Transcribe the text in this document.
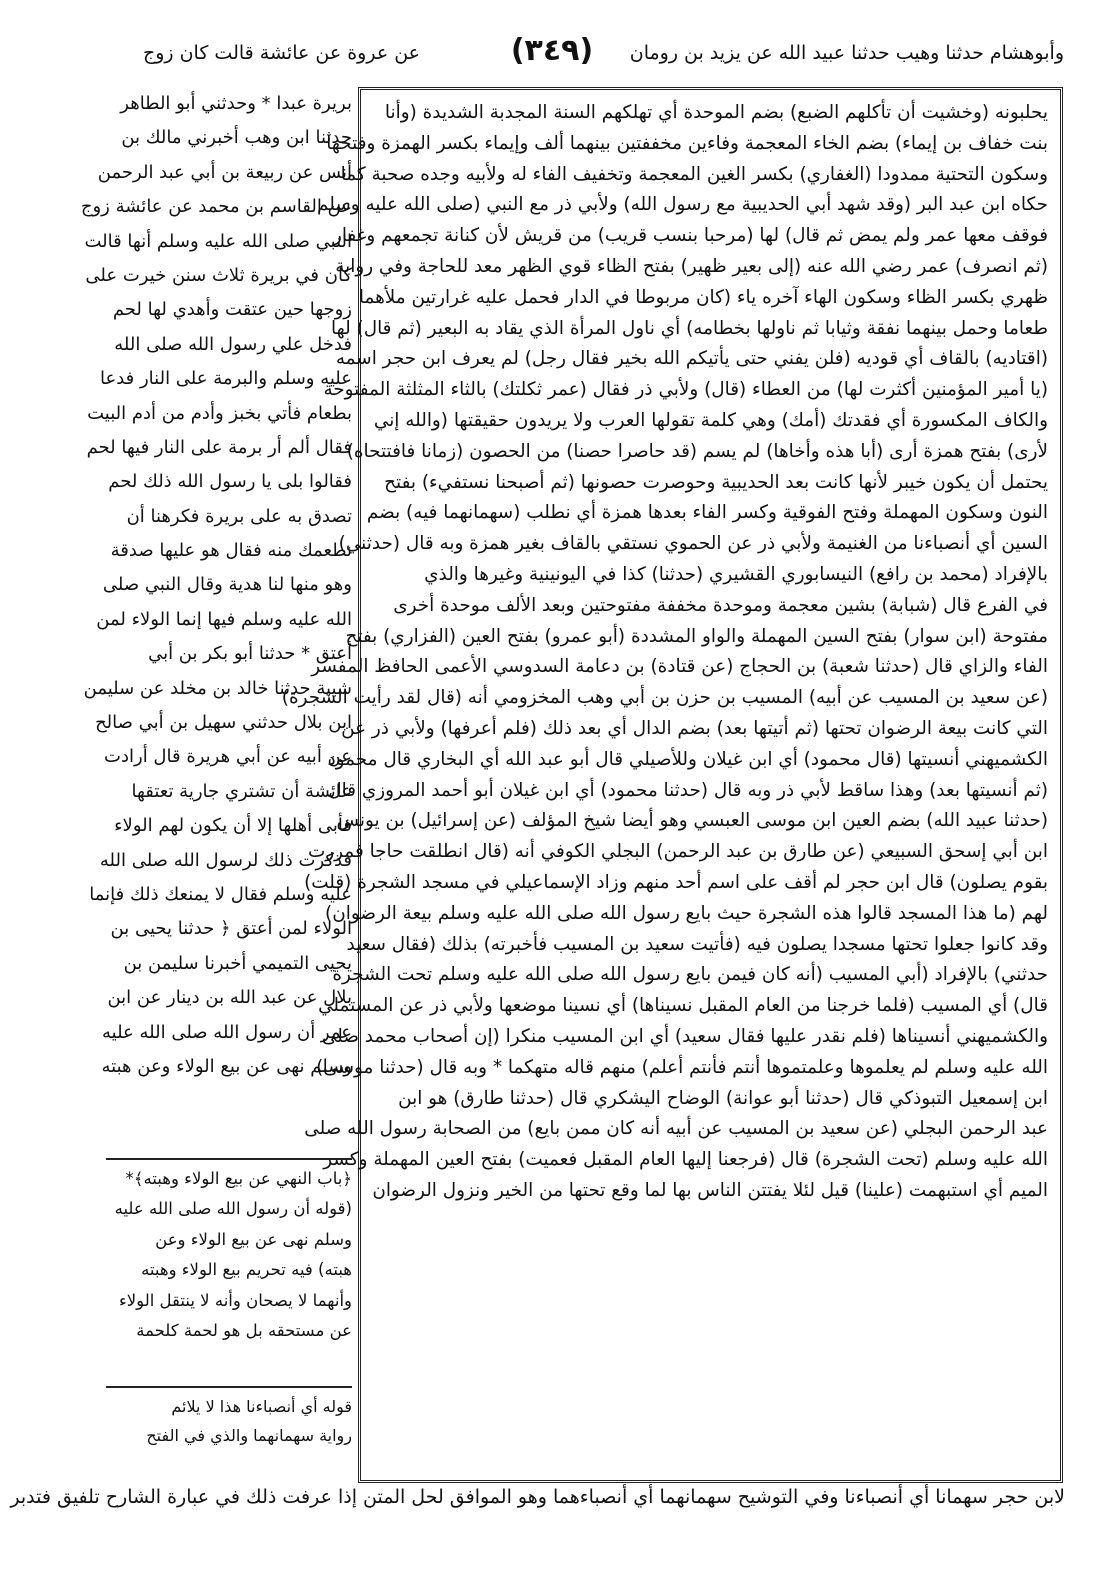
وأبوهشام حدثنا وهيب حدثنا عبيد الله عن يزيد بن رومان
(٣٤٩)
عن عروة عن عائشة قالت كان زوج
يحلبونه (وخشيت أن تأكلهم الضبع) بضم الموحدة أي تهلكهم السنة المجدبة الشديدة (وأنا
بنت خفاف بن إيماء) بضم الخاء المعجمة وفاءين مخففتين بينهما ألف وإيماء بكسر الهمزة وفتحها
وسكون التحتية ممدودا (الغفاري) بكسر الغين المعجمة وتخفيف الفاء له ولأبيه وجده صحبة كما
حكاه ابن عبد البر (وقد شهد أبي الحديبية مع رسول الله) ولأبي ذر مع النبي (صلى الله عليه وسلم
فوقف معها عمر ولم يمض ثم قال) لها (مرحبا بنسب قريب) من قريش لأن كنانة تجمعهم وغفار
(ثم انصرف) عمر رضي الله عنه (إلى بعير ظهير) بفتح الظاء قوي الظهر معد للحاجة وفي رواية
ظهري بكسر الظاء وسكون الهاء آخره ياء (كان مربوطا في الدار فحمل عليه غرارتين ملأهما
طعاما وحمل بينهما نفقة وثيابا ثم ناولها بخطامه) أي ناول المرأة الذي يقاد به البعير (ثم قال) لها
(اقتاديه) بالقاف أي قوديه (فلن يفني حتى يأتيكم الله بخير فقال رجل) لم يعرف ابن حجر اسمه
(يا أمير المؤمنين أكثرت لها) من العطاء (قال) ولأبي ذر فقال (عمر ثكلتك) بالثاء المثلثة المفتوحة
والكاف المكسورة أي فقدتك (أمك) وهي كلمة تقولها العرب ولا يريدون حقيقتها (والله إني
لأرى) بفتح همزة أرى (أبا هذه وأخاها) لم يسم (قد حاصرا حصنا) من الحصون (زمانا فافتتحاه)
يحتمل أن يكون خيبر لأنها كانت بعد الحديبية وحوصرت حصونها (ثم أصبحنا نستفيء) بفتح
النون وسكون المهملة وفتح الفوقية وكسر الفاء بعدها همزة أي نطلب (سهمانهما فيه) بضم
السين أي أنصباءنا من الغنيمة ولأبي ذر عن الحموي نستقي بالقاف بغير همزة وبه قال (حدثني)
بالإفراد (محمد بن رافع) النيسابوري القشيري (حدثنا) كذا في اليونينية وغيرها والذي
في الفرع قال (شبابة) بشين معجمة وموحدة مخففة مفتوحتين وبعد الألف موحدة أخرى
مفتوحة (ابن سوار) بفتح السين المهملة والواو المشددة (أبو عمرو) بفتح العين (الفزاري) بفتح
الفاء والزاي قال (حدثنا شعبة) بن الحجاج (عن قتادة) بن دعامة السدوسي الأعمى الحافظ المفسر
(عن سعيد بن المسيب عن أبيه) المسيب بن حزن بن أبي وهب المخزومي أنه (قال لقد رأيت الشجرة)
التي كانت بيعة الرضوان تحتها (ثم أتيتها بعد) بضم الدال أي بعد ذلك (فلم أعرفها) ولأبي ذر عن
الكشميهني أنسيتها (قال محمود) أي ابن غيلان وللأصيلي قال أبو عبد الله أي البخاري قال محمود
(ثم أنسيتها بعد) وهذا ساقط لأبي ذر وبه قال (حدثنا محمود) أي ابن غيلان أبو أحمد المروزي قال
(حدثنا عبيد الله) بضم العين ابن موسى العبسي وهو أيضا شيخ المؤلف (عن إسرائيل) بن يونس
ابن أبي إسحق السبيعي (عن طارق بن عبد الرحمن) البجلي الكوفي أنه (قال انطلقت حاجا فمررت
بقوم يصلون) قال ابن حجر لم أقف على اسم أحد منهم وزاد الإسماعيلي في مسجد الشجرة (قلت)
لهم (ما هذا المسجد قالوا هذه الشجرة حيث بايع رسول الله صلى الله عليه وسلم بيعة الرضوان)
وقد كانوا جعلوا تحتها مسجدا يصلون فيه (فأتيت سعيد بن المسيب فأخبرته) بذلك (فقال سعيد
حدثني) بالإفراد (أبي المسيب (أنه كان فيمن بايع رسول الله صلى الله عليه وسلم تحت الشجرة
قال) أي المسيب (فلما خرجنا من العام المقبل نسيناها) أي نسينا موضعها ولأبي ذر عن المستملي
والكشميهني أنسيناها (فلم نقدر عليها فقال سعيد) أي ابن المسيب منكرا (إن أصحاب محمد صلى
الله عليه وسلم لم يعلموها وعلمتموها أنتم فأنتم أعلم) منهم قاله متهكما * وبه قال (حدثنا موسى)
ابن إسمعيل التبوذكي قال (حدثنا أبو عوانة) الوضاح اليشكري قال (حدثنا طارق) هو ابن
عبد الرحمن البجلي (عن سعيد بن المسيب عن أبيه أنه كان ممن بايع) من الصحابة رسول الله صلى
الله عليه وسلم (تحت الشجرة) قال (فرجعنا إليها العام المقبل فعميت) بفتح العين المهملة وكسر
الميم أي استبهمت (علينا) قيل لئلا يفتتن الناس بها لما وقع تحتها من الخير ونزول الرضوان
بريرة عبدا * وحدثني أبو الطاهر
حدثنا ابن وهب أخبرني مالك بن
أنس عن ربيعة بن أبي عبد الرحمن
عن القاسم بن محمد عن عائشة زوج
النبي صلى الله عليه وسلم أنها قالت
كان في بريرة ثلاث سنن خيرت على
زوجها حين عتقت وأهدي لها لحم
فدخل علي رسول الله صلى الله
عليه وسلم والبرمة على النار فدعا
بطعام فأتي بخبز وأدم من أدم البيت
فقال ألم أر برمة على النار فيها لحم
فقالوا بلى يا رسول الله ذلك لحم
تصدق به على بريرة فكرهنا أن
نطعمك منه فقال هو عليها صدقة
وهو منها لنا هدية وقال النبي صلى
الله عليه وسلم فيها إنما الولاء لمن
أعتق * حدثنا أبو بكر بن أبي
شيبة حدثنا خالد بن مخلد عن سليمن
ابن بلال حدثني سهيل بن أبي صالح
عن أبيه عن أبي هريرة قال أرادت
عائشة أن تشتري جارية تعتقها
فأبى أهلها إلا أن يكون لهم الولاء
فذكرت ذلك لرسول الله صلى الله
عليه وسلم فقال لا يمنعك ذلك فإنما
الولاء لمن أعتق ﴿ حدثنا يحيى بن
يحيى التميمي أخبرنا سليمن بن
بلال عن عبد الله بن دينار عن ابن
عمر أن رسول الله صلى الله عليه
وسلم نهى عن بيع الولاء وعن هبته
﴿باب النهي عن بيع الولاء وهبته﴾*
(قوله أن رسول الله صلى الله عليه
وسلم نهى عن بيع الولاء وعن
هبته) فيه تحريم بيع الولاء وهبته
وأنهما لا يصحان وأنه لا ينتقل الولاء
عن مستحقه بل هو لحمة كلحمة
قوله أي أنصباءنا هذا لا يلائم
رواية سهمانهما والذي في الفتح
لابن حجر سهمانا أي أنصباءنا وفي التوشيح سهمانهما أي أنصباءهما وهو الموافق لحل المتن إذا عرفت ذلك في عبارة الشارح تلفيق فتدبر
